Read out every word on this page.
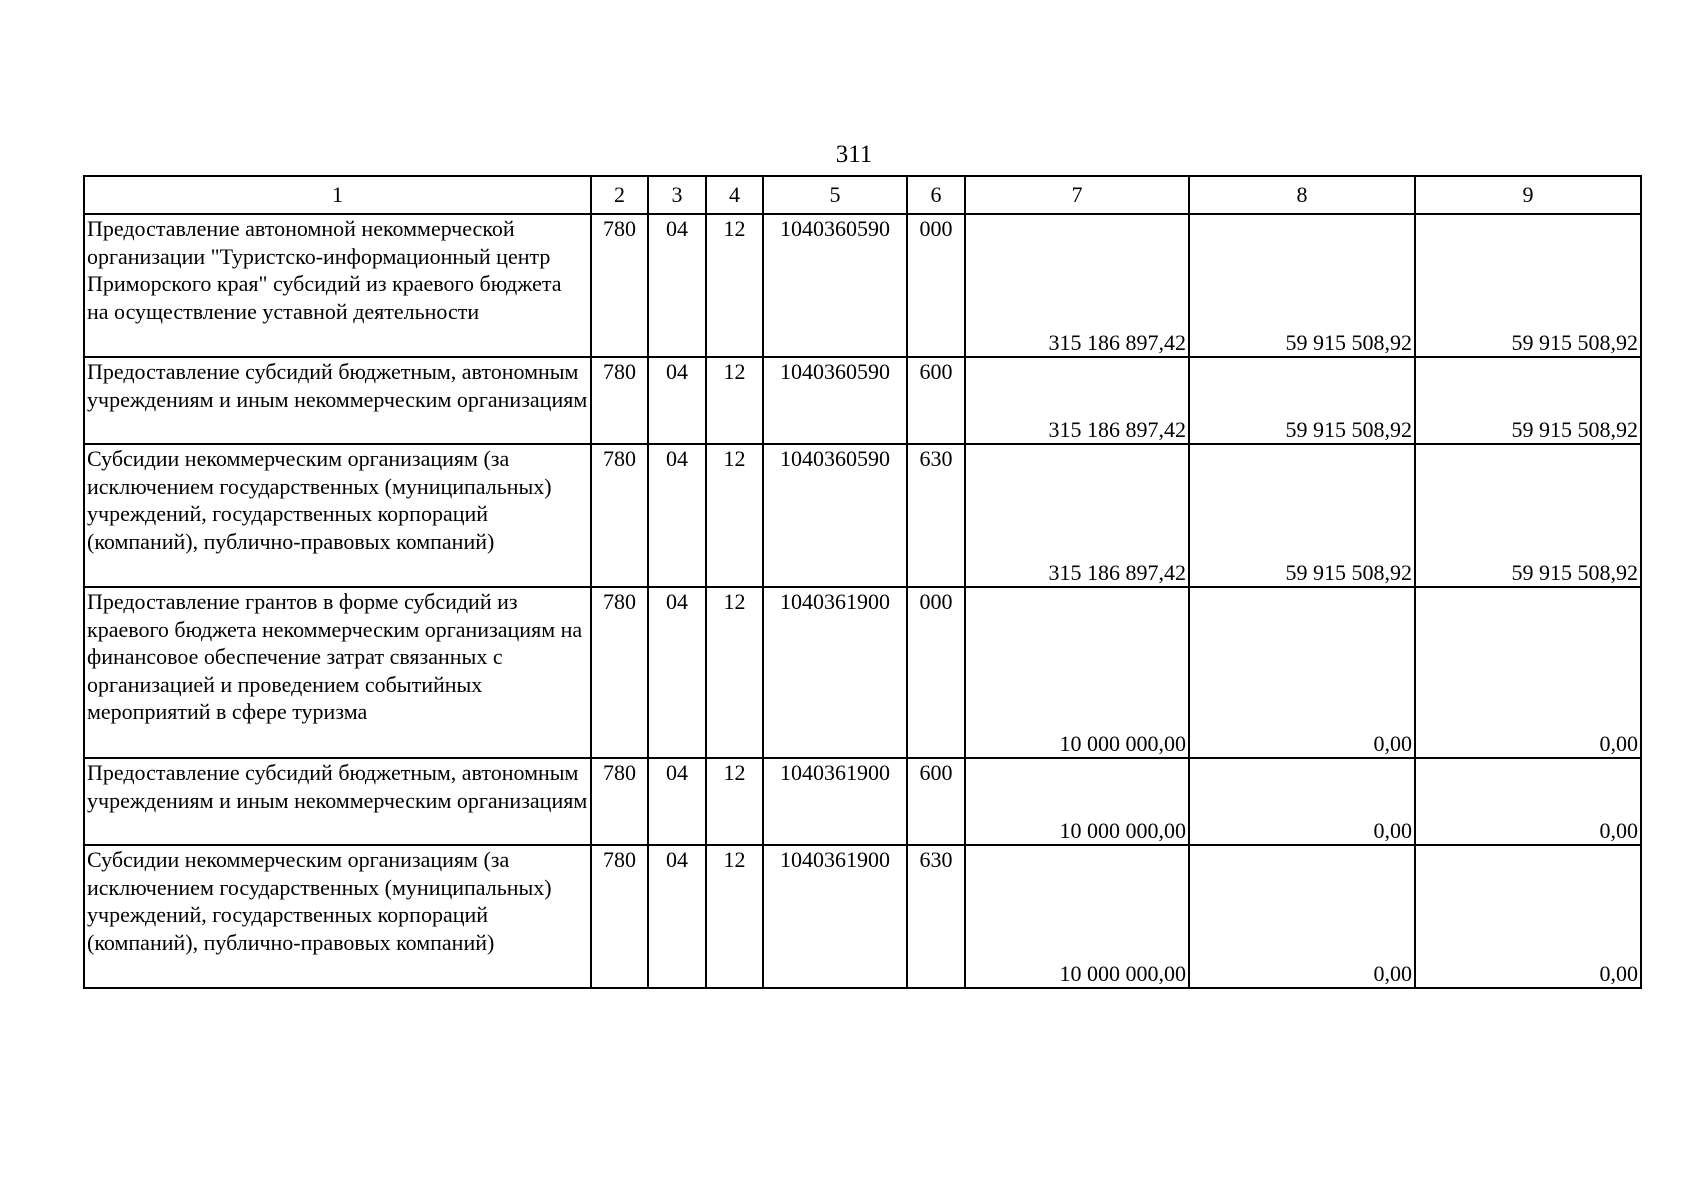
311
1	2	3	4	5	6	7	8	9
Предоставление автономной некоммерческой организации "Туристско-информационный центр Приморского края" субсидий из краевого бюджета на осуществление уставной деятельности	780	04	12	1040360590	000	315 186 897,42	59 915 508,92	59 915 508,92
Предоставление субсидий бюджетным, автономным учреждениям и иным некоммерческим организациям	780	04	12	1040360590	600	315 186 897,42	59 915 508,92	59 915 508,92
Субсидии некоммерческим организациям (за исключением государственных (муниципальных) учреждений, государственных корпораций (компаний), публично-правовых компаний)	780	04	12	1040360590	630	315 186 897,42	59 915 508,92	59 915 508,92
Предоставление грантов в форме субсидий из краевого бюджета некоммерческим организациям на финансовое обеспечение затрат связанных с организацией и проведением событийных мероприятий в сфере туризма	780	04	12	1040361900	000	10 000 000,00	0,00	0,00
Предоставление субсидий бюджетным, автономным учреждениям и иным некоммерческим организациям	780	04	12	1040361900	600	10 000 000,00	0,00	0,00
Субсидии некоммерческим организациям (за исключением государственных (муниципальных) учреждений, государственных корпораций (компаний), публично-правовых компаний)	780	04	12	1040361900	630	10 000 000,00	0,00	0,00
